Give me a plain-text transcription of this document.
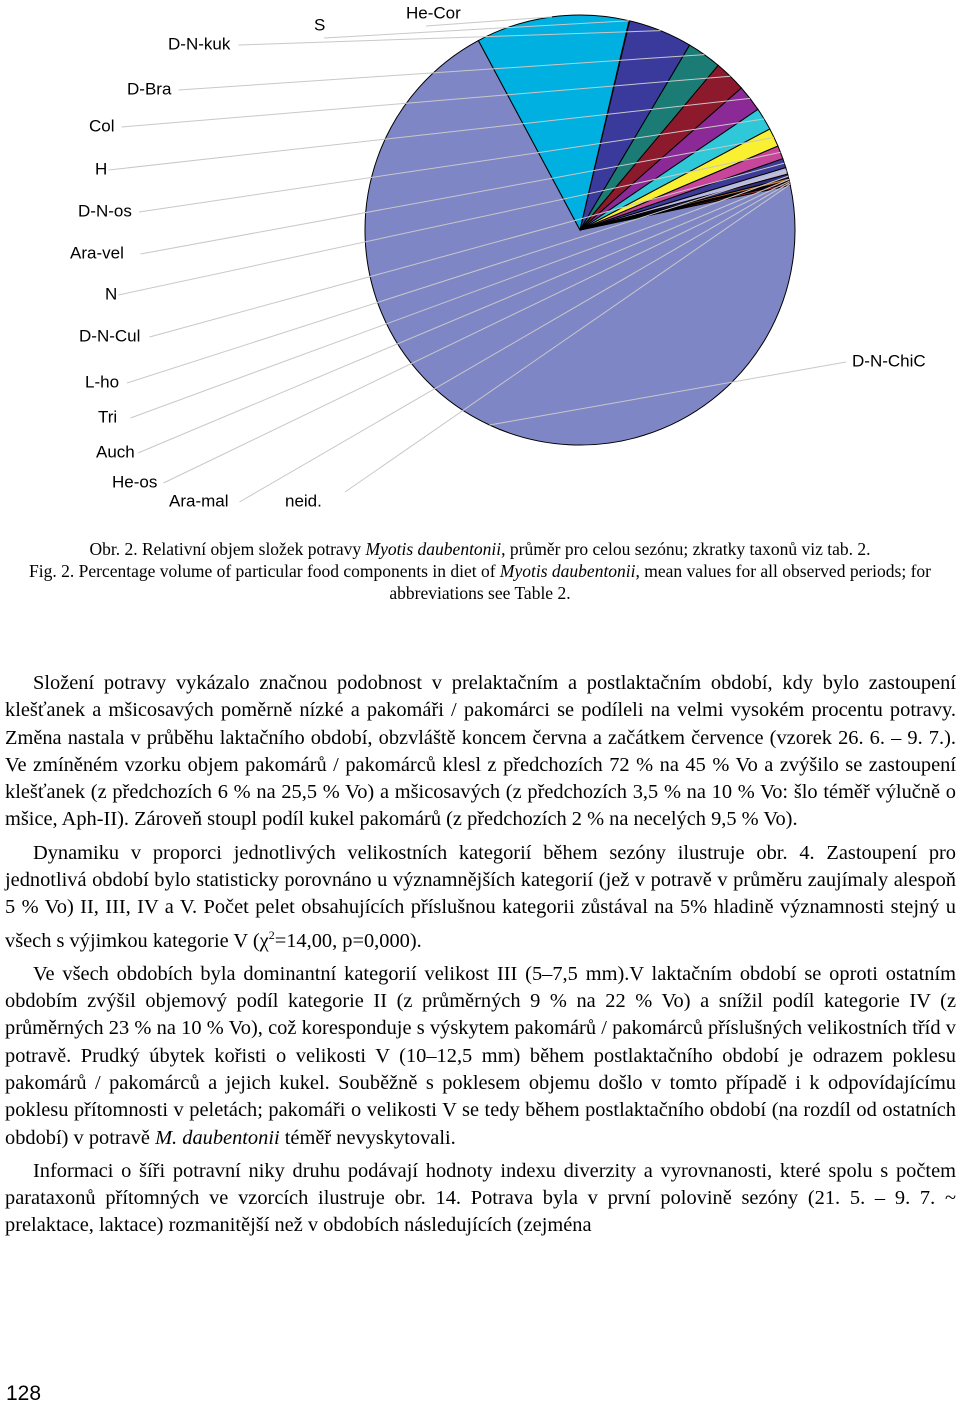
D-N-ChiC
He-Cor
S
D-N-kuk
D-Bra
Col
H
D-N-os
Ara-vel
N
D-N-Cul
L-ho
Tri
Auch
He-os
Ara-mal	neid.
Obr. 2. Relativní objem složek potravy Myotis daubentonii, průměr pro celou sezónu; zkratky taxonů viz tab. 2.
Fig. 2. Percentage volume of particular food components in diet of Myotis daubentonii, mean values for all observed periods; for abbreviations see Table 2.

Složení potravy vykázalo značnou podobnost v prelaktačním a postlaktačním období, kdy bylo zastoupení klešťanek a mšicosavých poměrně nízké a pakomáři / pakomárci se podíleli na velmi vysokém procentu potravy. Změna nastala v průběhu laktačního období, obzvláště koncem června a začátkem července (vzorek 26. 6. – 9. 7.). Ve zmíněném vzorku objem pakomárů / pakomárců klesl z předchozích 72 % na 45 % Vo a zvýšilo se zastoupení klešťanek (z předchozích 6 % na 25,5 % Vo) a mšicosavých (z předchozích 3,5 % na 10 % Vo: šlo téměř výlučně o mšice, Aph-II). Zároveň stoupl podíl kukel pakomárů (z předchozích 2 % na necelých 9,5 % Vo).

Dynamiku v proporci jednotlivých velikostních kategorií během sezóny ilustruje obr. 4. Zastoupení pro jednotlivá období bylo statisticky porovnáno u významnějších kategorií (jež v potravě v průměru zaujímaly alespoň 5 % Vo) II, III, IV a V. Počet pelet obsahujících příslušnou kategorii zůstával na 5% hladině významnosti stejný u všech s výjimkou kategorie V ($\chi^2=14,00$, p=0,000).

Ve všech obdobích byla dominantní kategorií velikost III (5–7,5 mm).V laktačním období se oproti ostatním obdobím zvýšil objemový podíl kategorie II (z průměrných 9 % na 22 % Vo) a snížil podíl kategorie IV (z průměrných 23 % na 10 % Vo), což koresponduje s výskytem pakomárů / pakomárců příslušných velikostních tříd v potravě. Prudký úbytek kořisti o velikosti V (10–12,5 mm) během postlaktačního období je odrazem poklesu pakomárů / pakomárců a jejich kukel. Souběžně s poklesem objemu došlo v tomto případě i k odpovídajícímu poklesu přítomnosti v peletách; pakomáři o velikosti V se tedy během postlaktačního období (na rozdíl od ostatních období) v potravě M. daubentonii téměř nevyskytovali.

Informaci o šíři potravní niky druhu podávají hodnoty indexu diverzity a vyrovnanosti, které spolu s počtem parataxonů přítomných ve vzorcích ilustruje obr. 14. Potrava byla v první polovině sezóny (21. 5. – 9. 7. ~ prelaktace, laktace) rozmanitější než v obdobích následujících (zejména

128
